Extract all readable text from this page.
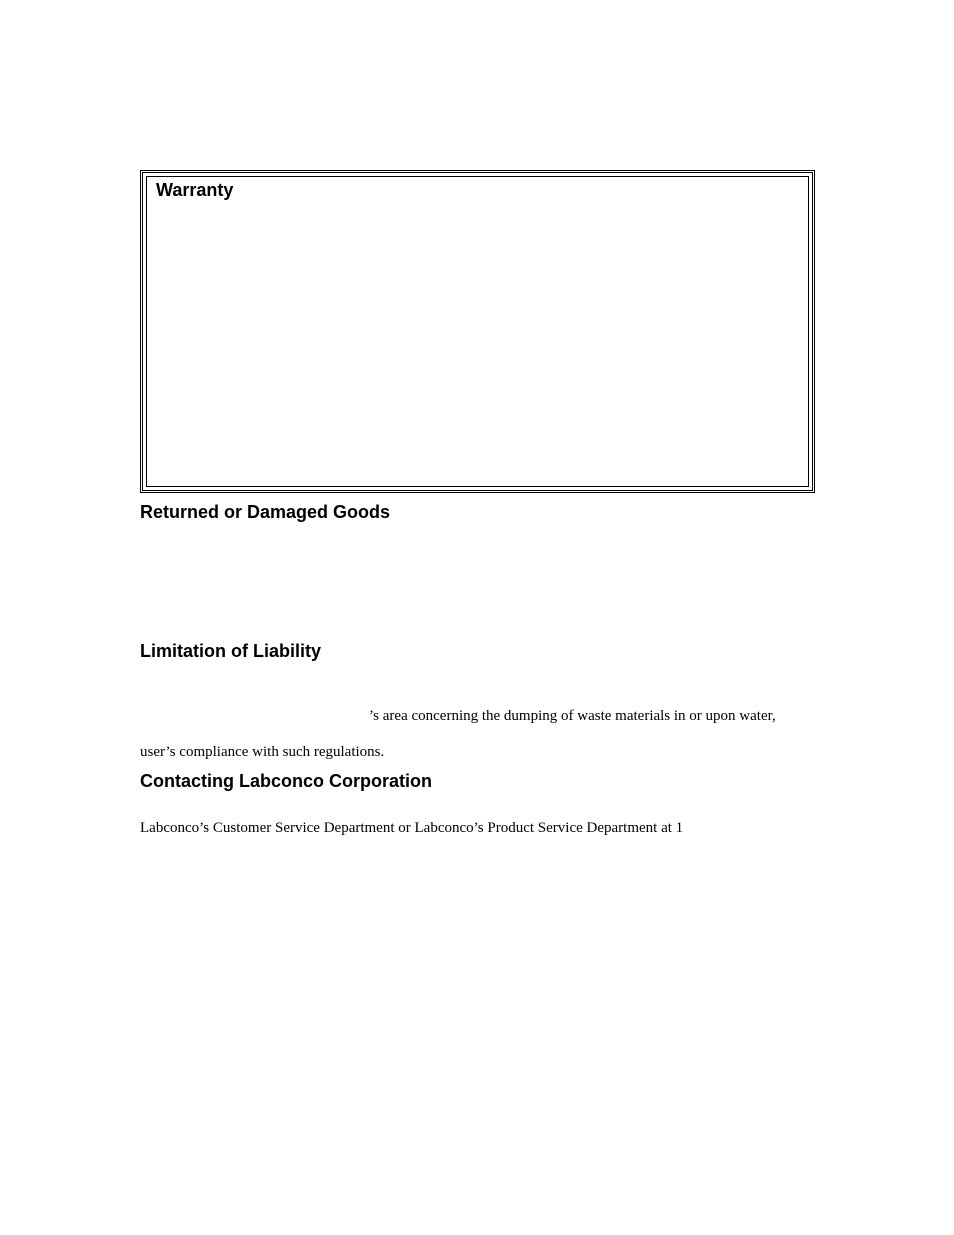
Warranty
Returned or Damaged Goods
Limitation of Liability

’s area concerning the dumping of waste materials in or upon water,

user’s compliance with such regulations.

Contacting Labconco Corporation

Labconco’s Customer Service Department or Labconco’s Product Service Department at 1
